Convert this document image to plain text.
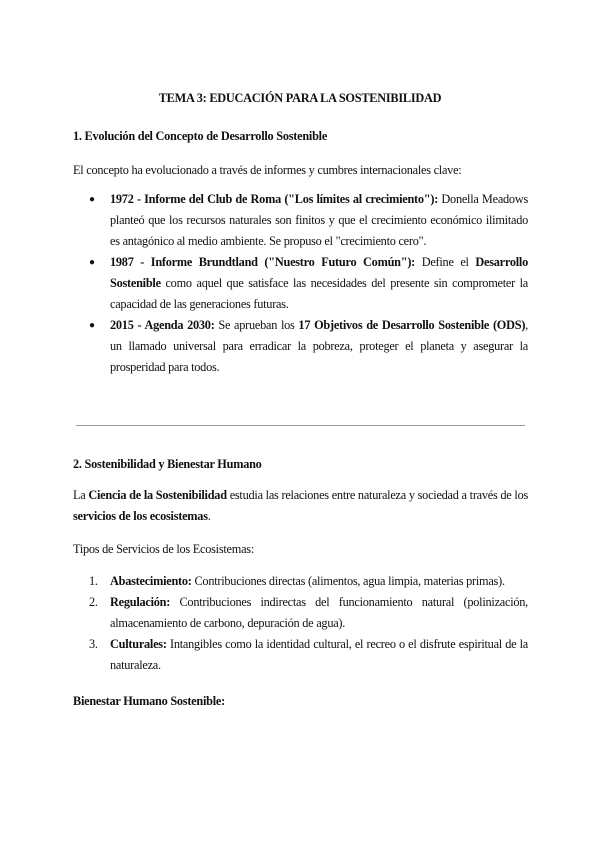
TEMA 3: EDUCACIÓN PARA LA SOSTENIBILIDAD
1. Evolución del Concepto de Desarrollo Sostenible
El concepto ha evolucionado a través de informes y cumbres internacionales clave:
● 1972 - Informe del Club de Roma ("Los límites al crecimiento"): Donella Meadows planteó que los recursos naturales son finitos y que el crecimiento económico ilimitado es antagónico al medio ambiente. Se propuso el "crecimiento cero".
● 1987 - Informe Brundtland ("Nuestro Futuro Común"): Define el Desarrollo Sostenible como aquel que satisface las necesidades del presente sin comprometer la capacidad de las generaciones futuras.
● 2015 - Agenda 2030: Se aprueban los 17 Objetivos de Desarrollo Sostenible (ODS), un llamado universal para erradicar la pobreza, proteger el planeta y asegurar la prosperidad para todos.
2. Sostenibilidad y Bienestar Humano
La Ciencia de la Sostenibilidad estudia las relaciones entre naturaleza y sociedad a través de los servicios de los ecosistemas.
Tipos de Servicios de los Ecosistemas:
1. Abastecimiento: Contribuciones directas (alimentos, agua limpia, materias primas).
2. Regulación: Contribuciones indirectas del funcionamiento natural (polinización, almacenamiento de carbono, depuración de agua).
3. Culturales: Intangibles como la identidad cultural, el recreo o el disfrute espiritual de la naturaleza.
Bienestar Humano Sostenible:
